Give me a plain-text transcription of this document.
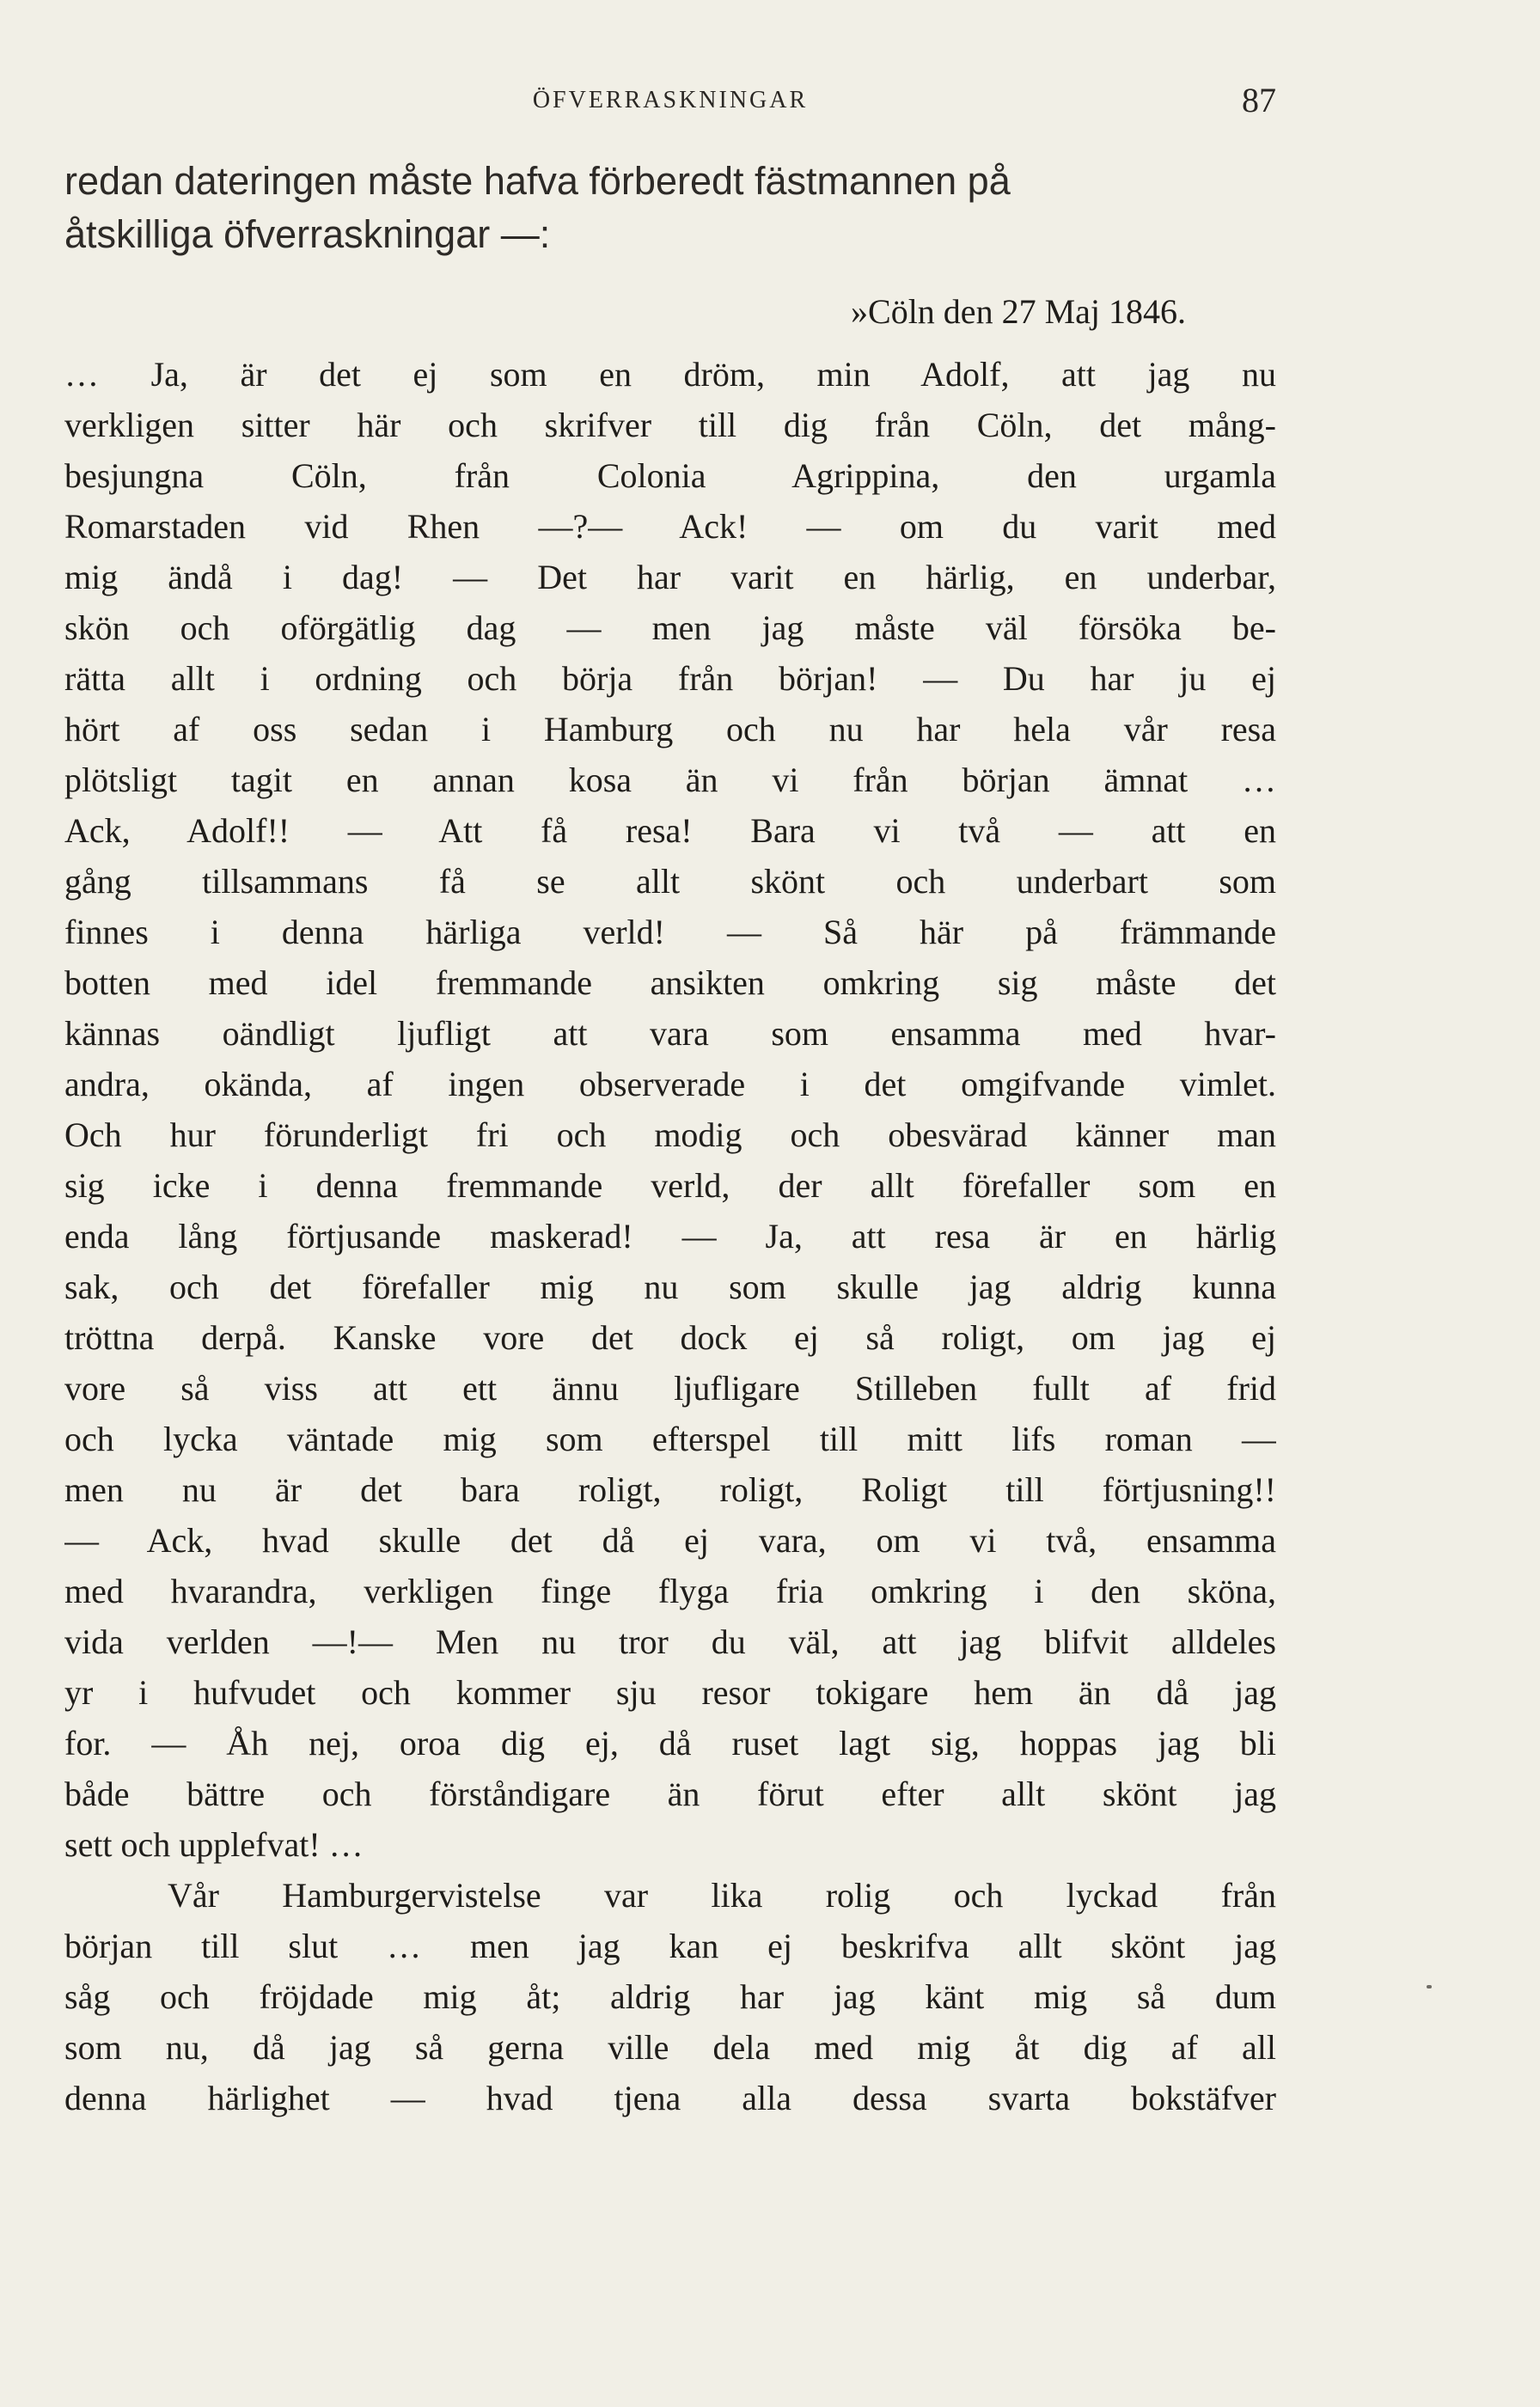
ÖFVERRASKNINGAR	87
redan dateringen måste hafva förberedt fästmannen på
åtskilliga öfverraskningar —:
»Cöln den 27 Maj 1846.
… Ja, är det ej som en dröm, min Adolf, att jag nu
verkligen sitter här och skrifver till dig från Cöln, det mång-
besjungna Cöln, från Colonia Agrippina, den urgamla
Romarstaden vid Rhen —?— Ack! — om du varit med
mig ändå i dag! — Det har varit en härlig, en underbar,
skön och oförgätlig dag — men jag måste väl försöka be-
rätta allt i ordning och börja från början! — Du har ju ej
hört af oss sedan i Hamburg och nu har hela vår resa
plötsligt tagit en annan kosa än vi från början ämnat …
Ack, Adolf!! — Att få resa! Bara vi två — att en
gång tillsammans få se allt skönt och underbart som
finnes i denna härliga verld! — Så här på främmande
botten med idel fremmande ansikten omkring sig måste det
kännas oändligt ljufligt att vara som ensamma med hvar-
andra, okända, af ingen observerade i det omgifvande vimlet.
Och hur förunderligt fri och modig och obesvärad känner man
sig icke i denna fremmande verld, der allt förefaller som en
enda lång förtjusande maskerad! — Ja, att resa är en härlig
sak, och det förefaller mig nu som skulle jag aldrig kunna
tröttna derpå. Kanske vore det dock ej så roligt, om jag ej
vore så viss att ett ännu ljufligare Stilleben fullt af frid
och lycka väntade mig som efterspel till mitt lifs roman —
men nu är det bara roligt, roligt, Roligt till förtjusning!!
— Ack, hvad skulle det då ej vara, om vi två, ensamma
med hvarandra, verkligen finge flyga fria omkring i den sköna,
vida verlden —!— Men nu tror du väl, att jag blifvit alldeles
yr i hufvudet och kommer sju resor tokigare hem än då jag
for. — Åh nej, oroa dig ej, då ruset lagt sig, hoppas jag bli
både bättre och förståndigare än förut efter allt skönt jag
sett och upplefvat! …
Vår Hamburgervistelse var lika rolig och lyckad från
början till slut … men jag kan ej beskrifva allt skönt jag
såg och fröjdade mig åt; aldrig har jag känt mig så dum
som nu, då jag så gerna ville dela med mig åt dig af all
denna härlighet — hvad tjena alla dessa svarta bokstäfver
